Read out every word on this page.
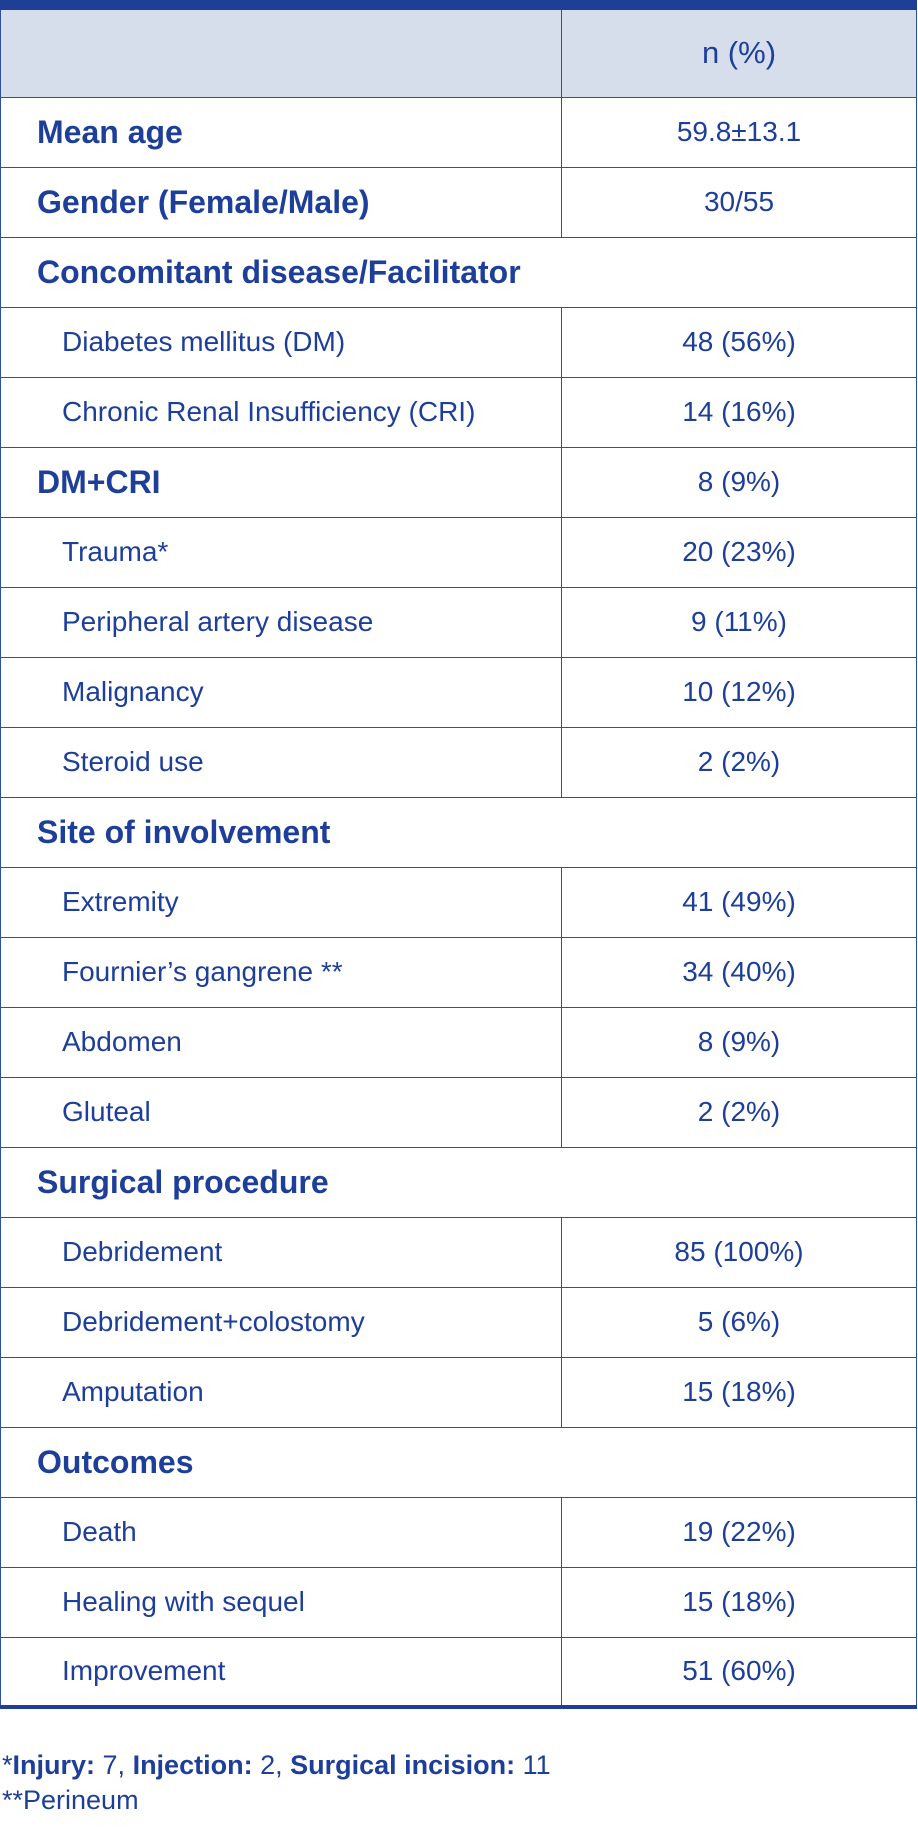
	n (%)
Mean age	59.8±13.1
Gender (Female/Male)	30/55
Concomitant disease/Facilitator	
Diabetes mellitus (DM)	48 (56%)
Chronic Renal Insufficiency (CRI)	14 (16%)
DM+CRI	8 (9%)
Trauma*	20 (23%)
Peripheral artery disease	9 (11%)
Malignancy	10 (12%)
Steroid use	2 (2%)
Site of involvement	
Extremity	41 (49%)
Fournier’s gangrene **	34 (40%)
Abdomen	8 (9%)
Gluteal	2 (2%)
Surgical procedure	
Debridement	85 (100%)
Debridement+colostomy	5 (6%)
Amputation	15 (18%)
Outcomes	
Death	19 (22%)
Healing with sequel	15 (18%)
Improvement	51 (60%)
*Injury: 7, Injection: 2, Surgical incision: 11
**Perineum
